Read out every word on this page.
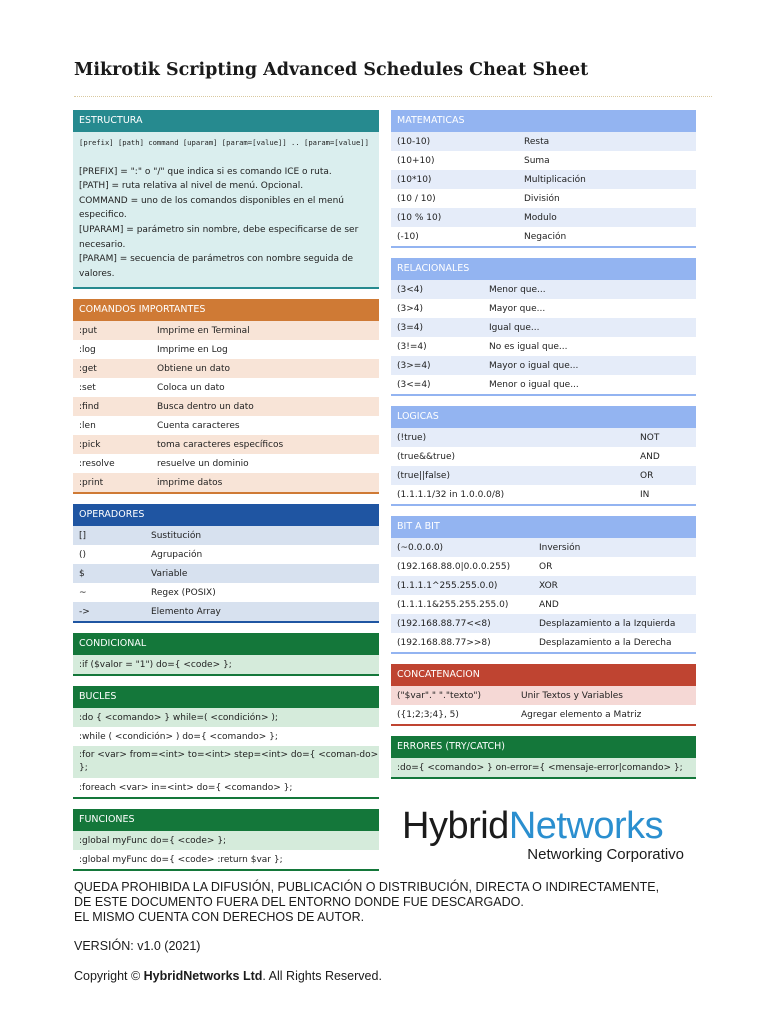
Mikrotik Scripting Advanced Schedules Cheat Sheet
ESTRUCTURA
[prefix] [path] command [uparam] [param=[value]] .. [param=[value]]
[PREFIX] = ":" o "/" que indica si es comando ICE o ruta.
[PATH] = ruta relativa al nivel de menú. Opcional.
COMMAND = uno de los comandos disponibles en el menú especifico.
[UPARAM] = parámetro sin nombre, debe especificarse de ser necesario.
[PARAM] = secuencia de parámetros con nombre seguida de valores.
COMANDOS IMPORTANTES
:put	Imprime en Terminal
:log	Imprime en Log
:get	Obtiene un dato
:set	Coloca un dato
:find	Busca dentro un dato
:len	Cuenta caracteres
:pick	toma caracteres específicos
:resolve	resuelve un dominio
:print	imprime datos
OPERADORES
[]	Sustitución
()	Agrupación
$	Variable
~	Regex (POSIX)
->	Elemento Array
CONDICIONAL
:if ($valor = "1") do={ <code> };
BUCLES
:do { <comando> } while=( <condición> );
:while ( <condición> ) do={ <comando> };
:for <var> from=<int> to=<int> step=<int> do={ <coman-do> };
:foreach <var> in=<int> do={ <comando> };
FUNCIONES
:global myFunc do={ <code> };
:global myFunc do={ <code> :return $var };
MATEMATICAS
(10-10)	Resta
(10+10)	Suma
(10*10)	Multiplicación
(10 / 10)	División
(10 % 10)	Modulo
(-10)	Negación
RELACIONALES
(3<4)	Menor que...
(3>4)	Mayor que...
(3=4)	Igual que...
(3!=4)	No es igual que...
(3>=4)	Mayor o igual que...
(3<=4)	Menor o igual que...
LOGICAS
(!true)	NOT
(true&&true)	AND
(true||false)	OR
(1.1.1.1/32 in 1.0.0.0/8)	IN
BIT A BIT
(~0.0.0.0)	Inversión
(192.168.88.0|0.0.0.255)	OR
(1.1.1.1^255.255.0.0)	XOR
(1.1.1.1&255.255.255.0)	AND
(192.168.88.77<<8)	Desplazamiento a la Izquierda
(192.168.88.77>>8)	Desplazamiento a la Derecha
CONCATENACION
("$var"." "."texto")	Unir Textos y Variables
({1;2;3;4}, 5)	Agregar elemento a Matriz
ERRORES (TRY/CATCH)
:do={ <comando> } on-error={ <mensaje-error|comando> };
HybridNetworks
Networking Corporativo
QUEDA PROHIBIDA LA DIFUSIÓN, PUBLICACIÓN O DISTRIBUCIÓN, DIRECTA O INDIRECTAMENTE,
DE ESTE DOCUMENTO FUERA DEL ENTORNO DONDE FUE DESCARGADO.
EL MISMO CUENTA CON DERECHOS DE AUTOR.
VERSIÓN: v1.0 (2021)
Copyright © HybridNetworks Ltd. All Rights Reserved.
